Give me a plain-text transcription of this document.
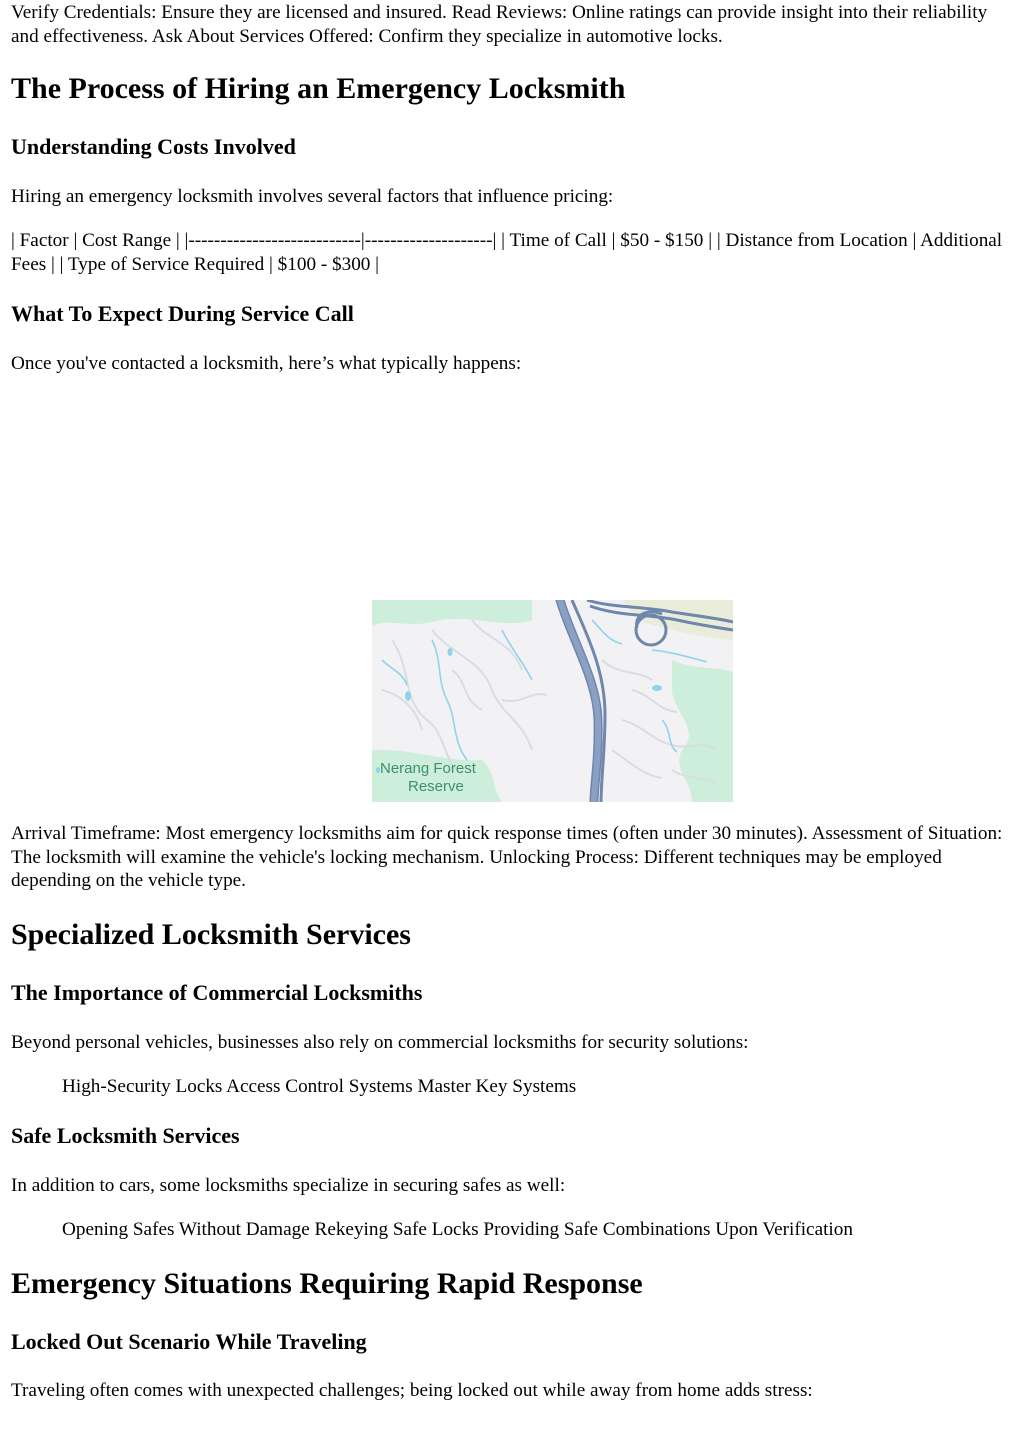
Verify Credentials: Ensure they are licensed and insured. Read Reviews: Online ratings can provide insight into their reliability and effectiveness. Ask About Services Offered: Confirm they specialize in automotive locks.

The Process of Hiring an Emergency Locksmith
Understanding Costs Involved

Hiring an emergency locksmith involves several factors that influence pricing:

| Factor | Cost Range | |---------------------------|--------------------| | Time of Call | $50 - $150 | | Distance from Location | Additional Fees | | Type of Service Required | $100 - $300 |

What To Expect During Service Call

Once you've contacted a locksmith, here’s what typically happens:

Arrival Timeframe: Most emergency locksmiths aim for quick response times (often under 30 minutes). Assessment of Situation: The locksmith will examine the vehicle's locking mechanism. Unlocking Process: Different techniques may be employed depending on the vehicle type.

Specialized Locksmith Services
The Importance of Commercial Locksmiths

Beyond personal vehicles, businesses also rely on commercial locksmiths for security solutions:

High-Security Locks Access Control Systems Master Key Systems

Safe Locksmith Services

In addition to cars, some locksmiths specialize in securing safes as well:

Opening Safes Without Damage Rekeying Safe Locks Providing Safe Combinations Upon Verification

Emergency Situations Requiring Rapid Response
Locked Out Scenario While Traveling

Traveling often comes with unexpected challenges; being locked out while away from home adds stress:

Nerang Forest
Reserve
